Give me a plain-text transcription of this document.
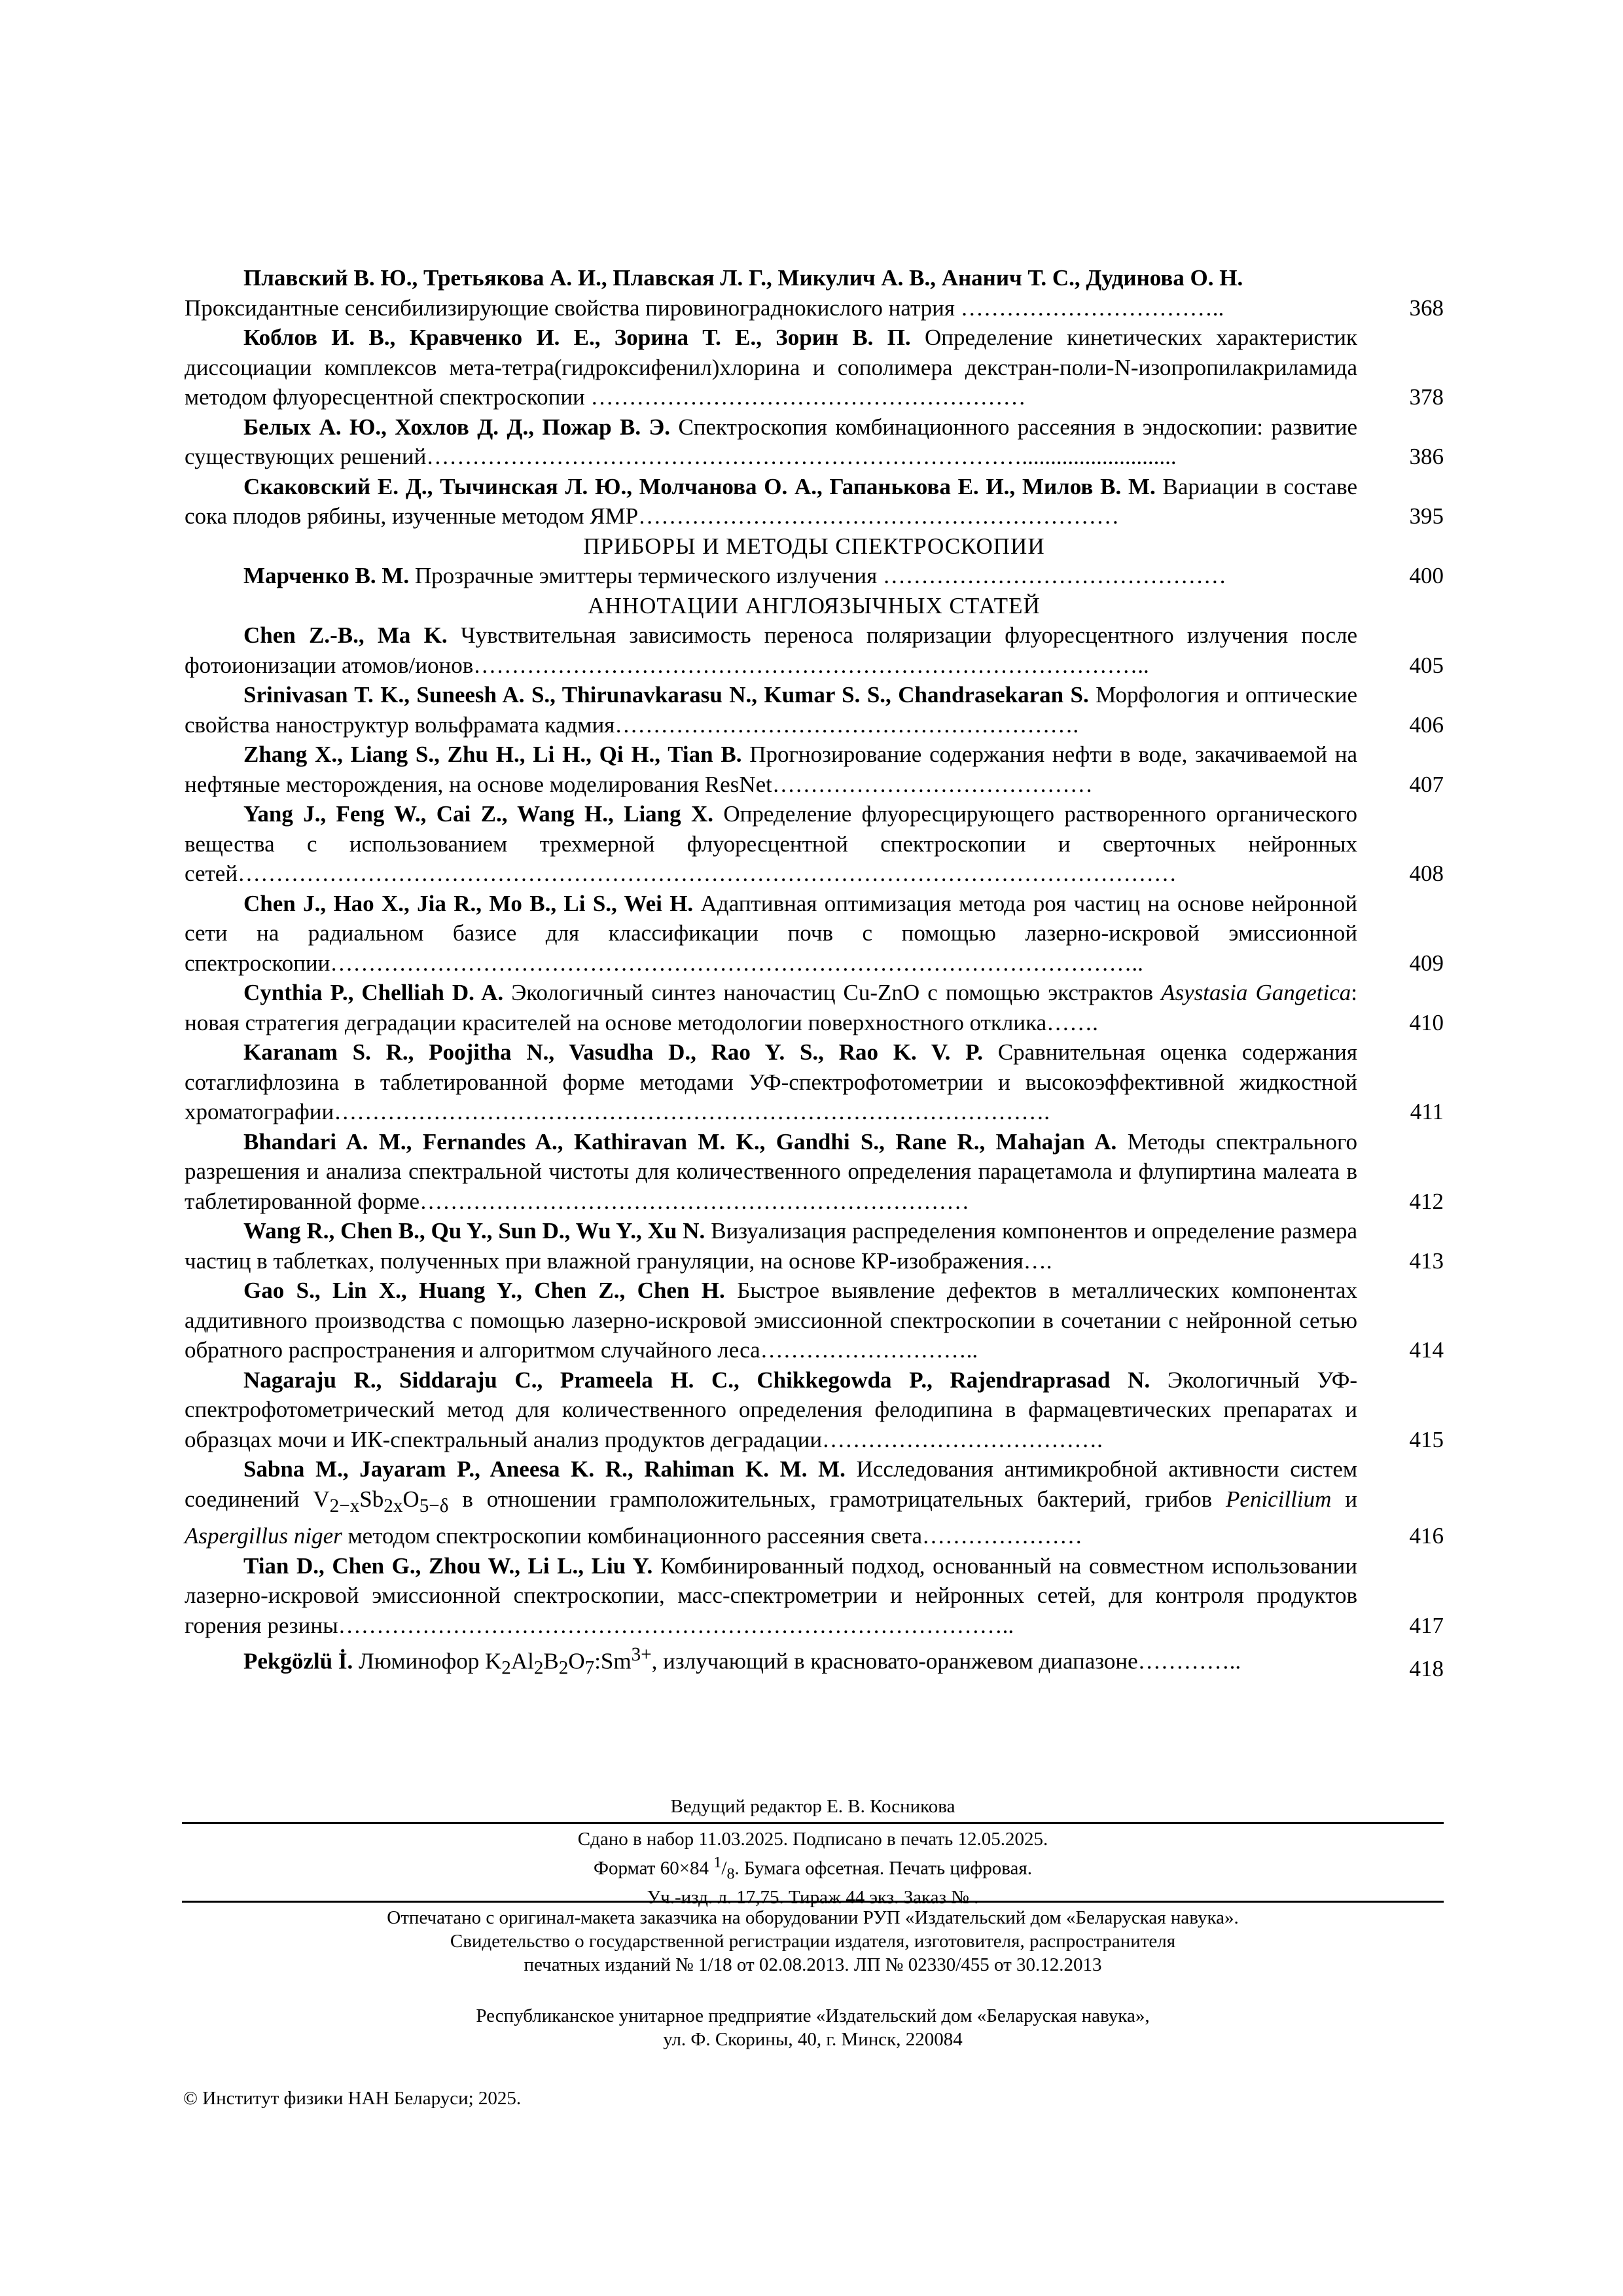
Плавский В. Ю., Третьякова А. И., Плавская Л. Г., Микулич А. В., Ананич Т. С., Дудинова О. Н.
Проксидантные сенсибилизирующие свойства пировинограднокислого натрия ……………………………..	368
Коблов И. В., Кравченко И. Е., Зорина Т. Е., Зорин В. П. Определение кинетических характеристик диссоциации комплексов мета-тетра(гидроксифенил)хлорина и сополимера декстран-поли-N-изопропилакриламида методом флуоресцентной спектроскопии …………………………………………………	378
Белых А. Ю., Хохлов Д. Д., Пожар В. Э. Спектроскопия комбинационного рассеяния в эндоскопии: развитие существующих решений……………………………………………………………………...........................	386
Скаковский Е. Д., Тычинская Л. Ю., Молчанова О. А., Гапанькова Е. И., Милов В. М. Вариации в составе сока плодов рябины, изученные методом ЯМР………………………………………………………	395
ПРИБОРЫ И МЕТОДЫ СПЕКТРОСКОПИИ
Марченко В. М. Прозрачные эмиттеры термического излучения ………………………………………	400
АННОТАЦИИ АНГЛОЯЗЫЧНЫХ СТАТЕЙ
Chen Z.-B., Ma K. Чувствительная зависимость переноса поляризации флуоресцентного излучения после фотоионизации атомов/ионов……………………………………………………………………………..	405
Srinivasan T. K., Suneesh A. S., Thirunavkarasu N., Kumar S. S., Chandrasekaran S. Морфология и оптические свойства наноструктур вольфрамата кадмия…………………………………………………….	406
Zhang X., Liang S., Zhu H., Li H., Qi H., Tian B. Прогнозирование содержания нефти в воде, закачиваемой на нефтяные месторождения, на основе моделирования ResNet……………………………………	407
Yang J., Feng W., Cai Z., Wang H., Liang X. Определение флуоресцирующего растворенного органического вещества с использованием трехмерной флуоресцентной спектроскопии и сверточных нейронных сетей……………………………………………………………………………………………………………	408
Chen J., Hao X., Jia R., Mo B., Li S., Wei H. Адаптивная оптимизация метода роя частиц на основе нейронной сети на радиальном базисе для классификации почв с помощью лазерно-искровой эмиссионной спектроскопии……………………………………………………………………………………………..	409
Cynthia P., Chelliah D. A. Экологичный синтез наночастиц Cu-ZnO с помощью экстрактов Asystasia Gangetica: новая стратегия деградации красителей на основе методологии поверхностного отклика…….	410
Karanam S. R., Poojitha N., Vasudha D., Rao Y. S., Rao K. V. P. Сравнительная оценка содержания сотаглифлозина в таблетированной форме методами УФ-спектрофотометрии и высокоэффективной жидкостной хроматографии………………………………………………………………………………….	411
Bhandari A. M., Fernandes A., Kathiravan M. K., Gandhi S., Rane R., Mahajan A. Методы спектрального разрешения и анализа спектральной чистоты для количественного определения парацетамола и флупиртина малеата в таблетированной форме………………………………………………………………	412
Wang R., Chen B., Qu Y., Sun D., Wu Y., Xu N. Визуализация распределения компонентов и определение размера частиц в таблетках, полученных при влажной грануляции, на основе КР-изображения….	413
Gao S., Lin X., Huang Y., Chen Z., Chen H. Быстрое выявление дефектов в металлических компонентах аддитивного производства с помощью лазерно-искровой эмиссионной спектроскопии в сочетании с нейронной сетью обратного распространения и алгоритмом случайного леса………………………..	414
Nagaraju R., Siddaraju C., Prameela H. C., Chikkegowda P., Rajendraprasad N. Экологичный УФ-спектрофотометрический метод для количественного определения фелодипина в фармацевтических препаратах и образцах мочи и ИК-спектральный анализ продуктов деградации……………………………….	415
Sabna M., Jayaram P., Aneesa K. R., Rahiman K. M. M. Исследования антимикробной активности систем соединений $V_{2-x}Sb_{2x}O_{5-\delta}$ в отношении грамположительных, грамотрицательных бактерий, грибов Penicillium и Aspergillus niger методом спектроскопии комбинационного рассеяния света…………………	416
Tian D., Chen G., Zhou W., Li L., Liu Y. Комбинированный подход, основанный на совместном использовании лазерно-искровой эмиссионной спектроскопии, масс-спектрометрии и нейронных сетей, для контроля продуктов горения резины……………………………………………………………………………..	417
Pekgözlü İ. Люминофор $K_2Al_2B_2O_7:Sm^{3+}$, излучающий в красновато-оранжевом диапазоне…………..	418
Ведущий редактор Е. В. Косникова
Сдано в набор 11.03.2025. Подписано в печать 12.05.2025.
Формат 60×84 $^1/_8$. Бумага офсетная. Печать цифровая.
Уч.-изд. л. 17,75. Тираж 44 экз. Заказ № .
Отпечатано с оригинал-макета заказчика на оборудовании РУП «Издательский дом «Беларуская навука».
Свидетельство о государственной регистрации издателя, изготовителя, распространителя
печатных изданий № 1/18 от 02.08.2013. ЛП № 02330/455 от 30.12.2013
Республиканское унитарное предприятие «Издательский дом «Беларуская навука»,
ул. Ф. Скорины, 40, г. Минск, 220084
© Институт физики НАН Беларуси; 2025.
